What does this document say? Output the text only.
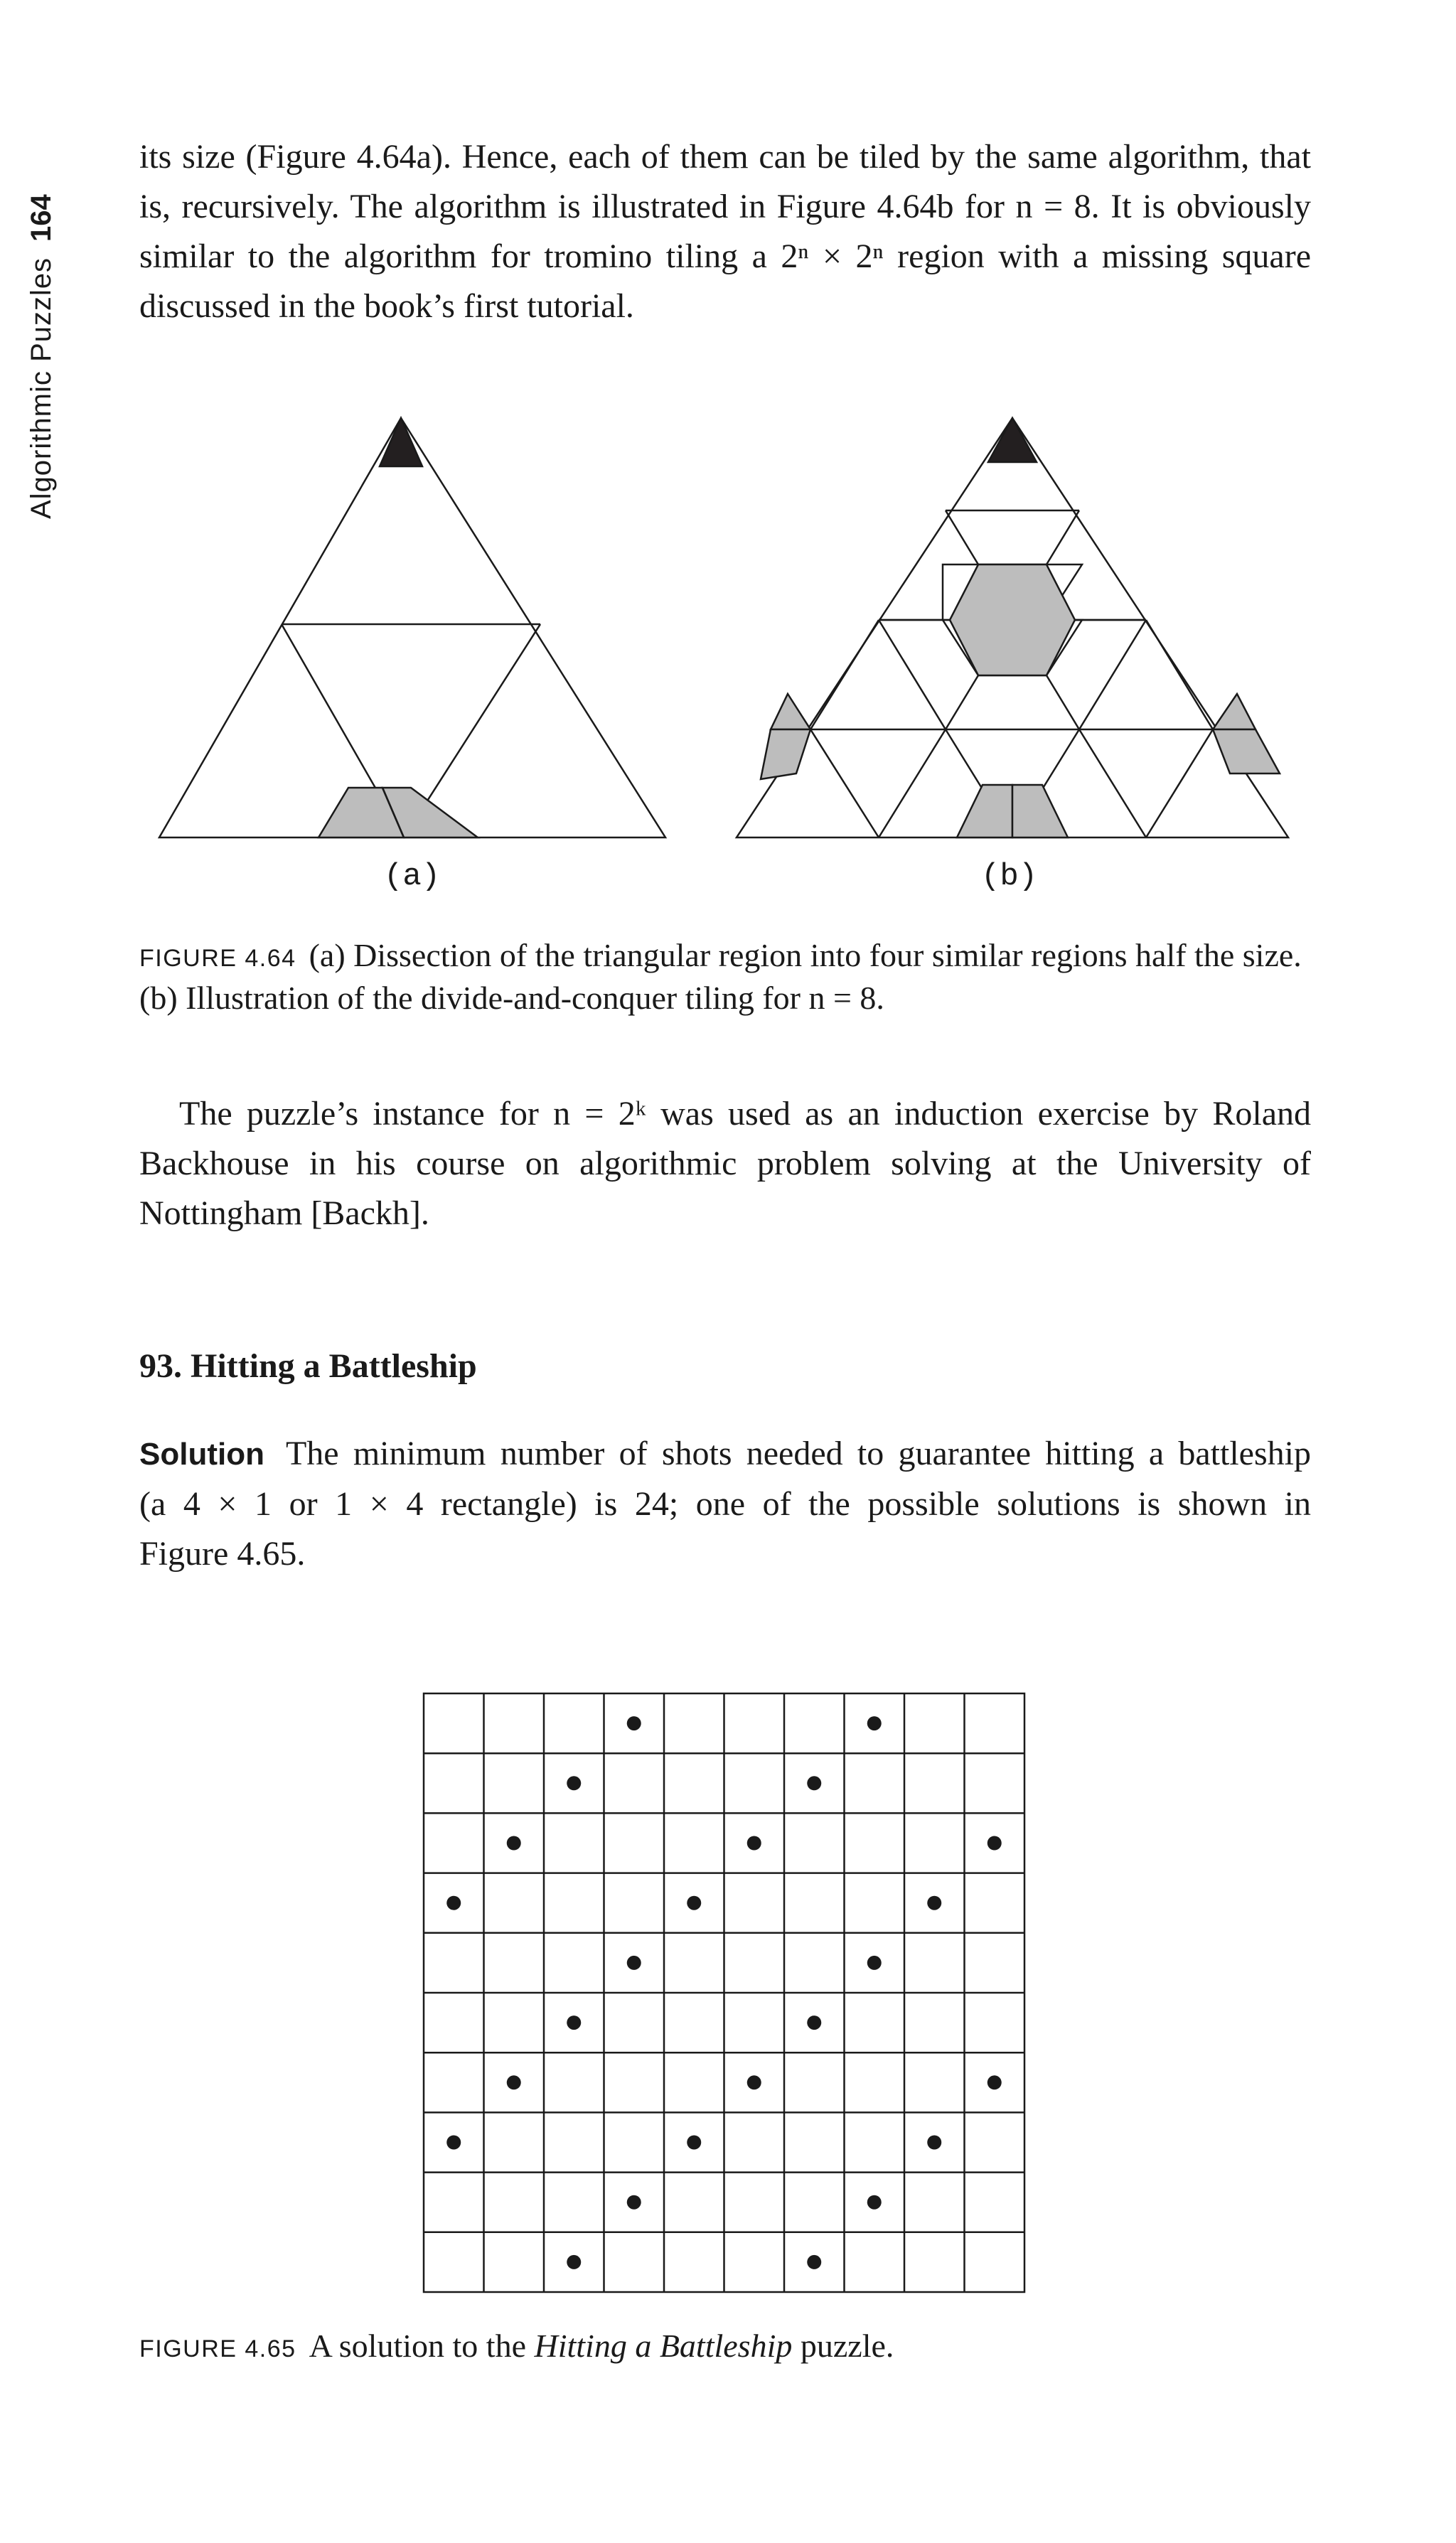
Algorithmic Puzzles
164
its size (Figure 4.64a). Hence, each of them can be tiled by the same algorithm, that
is, recursively. The algorithm is illustrated in Figure 4.64b for n = 8. It is obviously
similar to the algorithm for tromino tiling a 2ⁿ × 2ⁿ region with a missing square
discussed in the book’s first tutorial.
(a)	(b)
FIGURE 4.64 (a) Dissection of the triangular region into four similar regions half the size.
(b) Illustration of the divide-and-conquer tiling for n = 8.
The puzzle’s instance for n = 2ᵏ was used as an induction exercise by Roland
Backhouse in his course on algorithmic problem solving at the University of
Nottingham [Backh].
93. Hitting a Battleship
Solution The minimum number of shots needed to guarantee hitting a battleship
(a 4 × 1 or 1 × 4 rectangle) is 24; one of the possible solutions is shown in
Figure 4.65.
FIGURE 4.65 A solution to the Hitting a Battleship puzzle.
